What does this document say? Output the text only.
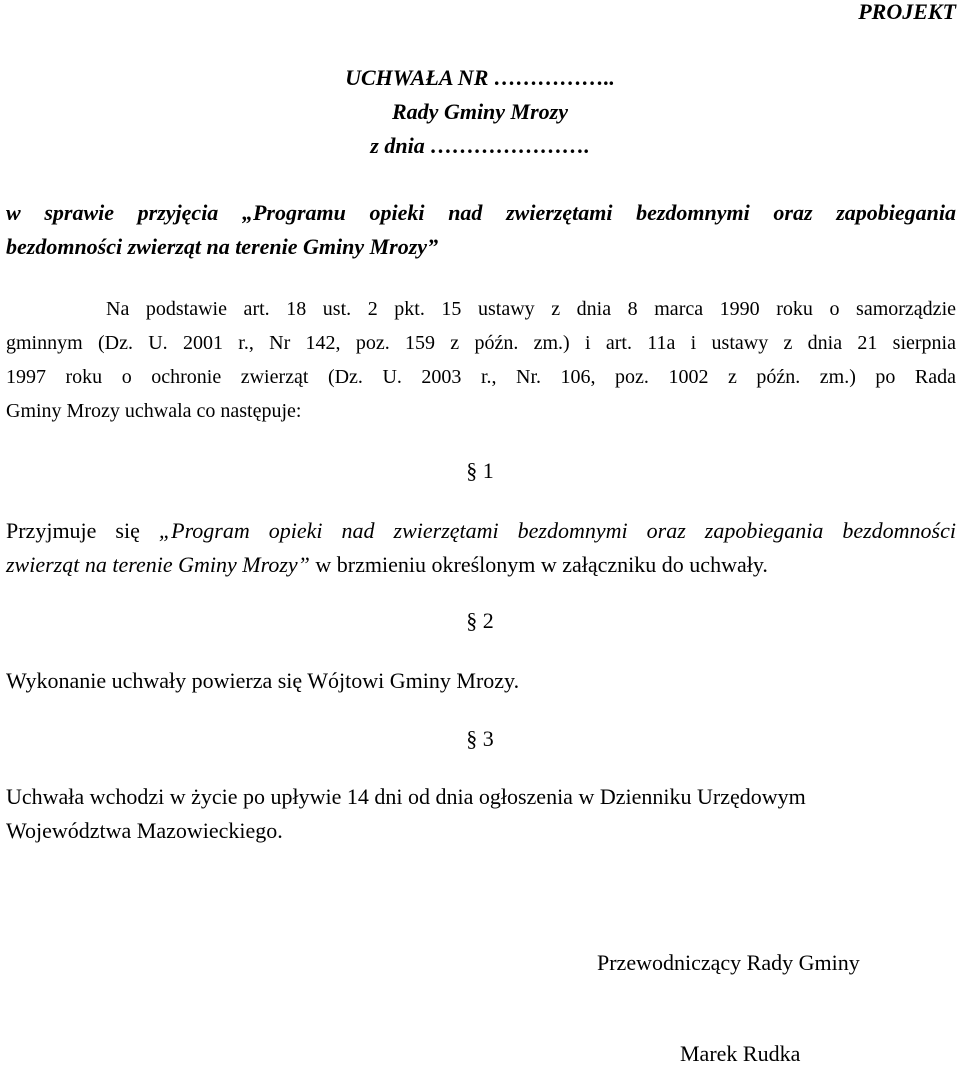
PROJEKT
UCHWAŁA NR ……………..
Rady Gminy Mrozy
z dnia ………………….
w sprawie przyjęcia „Programu opieki nad zwierzętami bezdomnymi oraz zapobiegania
bezdomności zwierząt na terenie Gminy Mrozy”
Na podstawie art. 18 ust. 2 pkt. 15 ustawy z dnia 8 marca 1990 roku o samorządzie
gminnym (Dz. U. 2001 r., Nr 142, poz. 159 z późn. zm.) i art. 11a i ustawy z dnia 21 sierpnia
1997 roku o ochronie zwierząt (Dz. U. 2003 r., Nr. 106, poz. 1002 z późn. zm.) po Rada
Gminy Mrozy uchwala co następuje:
§ 1
Przyjmuje się „Program opieki nad zwierzętami bezdomnymi oraz zapobiegania bezdomności
zwierząt na terenie Gminy Mrozy” w brzmieniu określonym w załączniku do uchwały.
§ 2
Wykonanie uchwały powierza się Wójtowi Gminy Mrozy.
§ 3
Uchwała wchodzi w życie po upływie 14 dni od dnia ogłoszenia w Dzienniku Urzędowym
Województwa Mazowieckiego.
Przewodniczący Rady Gminy
Marek Rudka
